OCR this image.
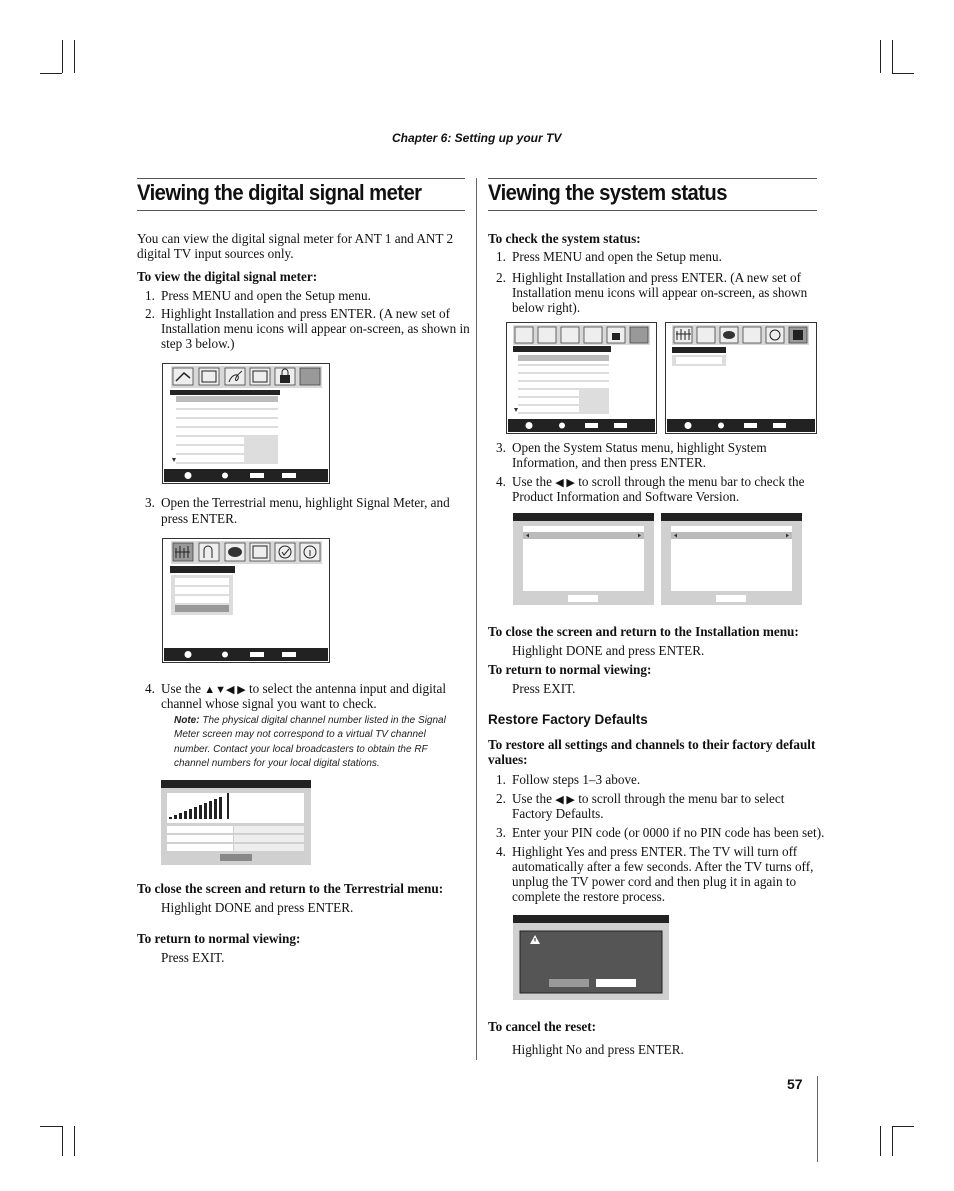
Chapter 6: Setting up your TV
Viewing the digital signal meter
You can view the digital signal meter for ANT 1 and ANT 2
digital TV input sources only.
To view the digital signal meter:
1. Press MENU and open the Setup menu.
2. Highlight Installation and press ENTER. (A new set of
Installation menu icons will appear on-screen, as shown in
step 3 below.)
3. Open the Terrestrial menu, highlight Signal Meter, and
press ENTER.
4. Use the ▲▼◀ ▶ to select the antenna input and digital
channel whose signal you want to check.
Note: The physical digital channel number listed in the Signal
Meter screen may not correspond to a virtual TV channel
number. Contact your local broadcasters to obtain the RF
channel numbers for your local digital stations.
To close the screen and return to the Terrestrial menu:
Highlight DONE and press ENTER.
To return to normal viewing:
Press EXIT.
Viewing the system status
To check the system status:
1. Press MENU and open the Setup menu.
2. Highlight Installation and press ENTER. (A new set of
Installation menu icons will appear on-screen, as shown
below right).
3. Open the System Status menu, highlight System
Information, and then press ENTER.
4. Use the ◀ ▶ to scroll through the menu bar to check the
Product Information and Software Version.
To close the screen and return to the Installation menu:
Highlight DONE and press ENTER.
To return to normal viewing:
Press EXIT.
Restore Factory Defaults
To restore all settings and channels to their factory default
values:
1. Follow steps 1–3 above.
2. Use the ◀ ▶ to scroll through the menu bar to select
Factory Defaults.
3. Enter your PIN code (or 0000 if no PIN code has been set).
4. Highlight Yes and press ENTER. The TV will turn off
automatically after a few seconds. After the TV turns off,
unplug the TV power cord and then plug it in again to
complete the restore process.
To cancel the reset:
Highlight No and press ENTER.
57
